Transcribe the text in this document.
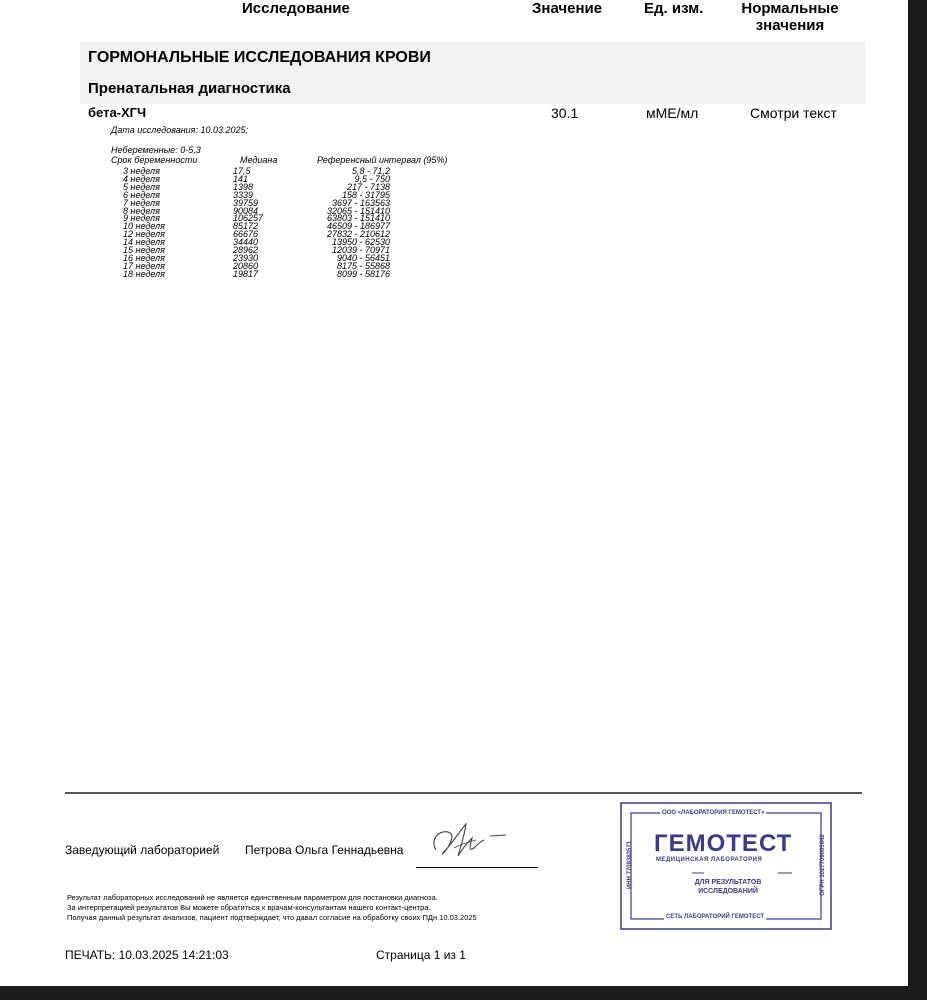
Исследование	Значение	Ед. изм.	Нормальные
значения
ГОРМОНАЛЬНЫЕ ИССЛЕДОВАНИЯ КРОВИ
Пренатальная диагностика
бета-ХГЧ	30.1	мМЕ/мл	Смотри текст
Дата исследования: 10.03.2025;
Небеременные: 0-5,3
Срок беременности	Медиана	Референсный интервал (95%)
3 неделя	17,5	5,8 - 71,2
4 неделя	141	9,5 - 750
5 неделя	1398	217 - 7138
6 неделя	3339	158 - 31795
7 неделя	39759	3697 - 163563
8 неделя	90084	32065 - 151410
9 неделя	106257	63803 - 151410
10 неделя	85172	46509 - 186977
12 неделя	66676	27832 - 210612
14 неделя	34440	13950 - 62530
15 неделя	28962	12039 - 70971
16 неделя	23930	9040 - 56451
17 неделя	20860	8175 - 55868
18 неделя	19817	8099 - 58176
Заведующий лабораторией Петрова Ольга Геннадьевна
Результат лабораторных исследований не является единственным параметром для постановки диагноза.
За интерпретацией результатов Вы можете обратиться к врачам-консультантам нашего контакт-центра.
Получая данный результат анализов, пациент подтверждает, что давал согласие на обработку своих ПДн 10.03.2025
ПЕЧАТЬ: 10.03.2025 14:21:03	Страница 1 из 1
ООО «ЛАБОРАТОРИЯ ГЕМОТЕСТ»
ГЕМОТЕСТ
МЕДИЦИНСКАЯ ЛАБОРАТОРИЯ
ДЛЯ РЕЗУЛЬТАТОВ
ИССЛЕДОВАНИЙ
СЕТЬ ЛАБОРАТОРИЙ ГЕМОТЕСТ
ИНН 7709383571	ОГРН 1027709005642
